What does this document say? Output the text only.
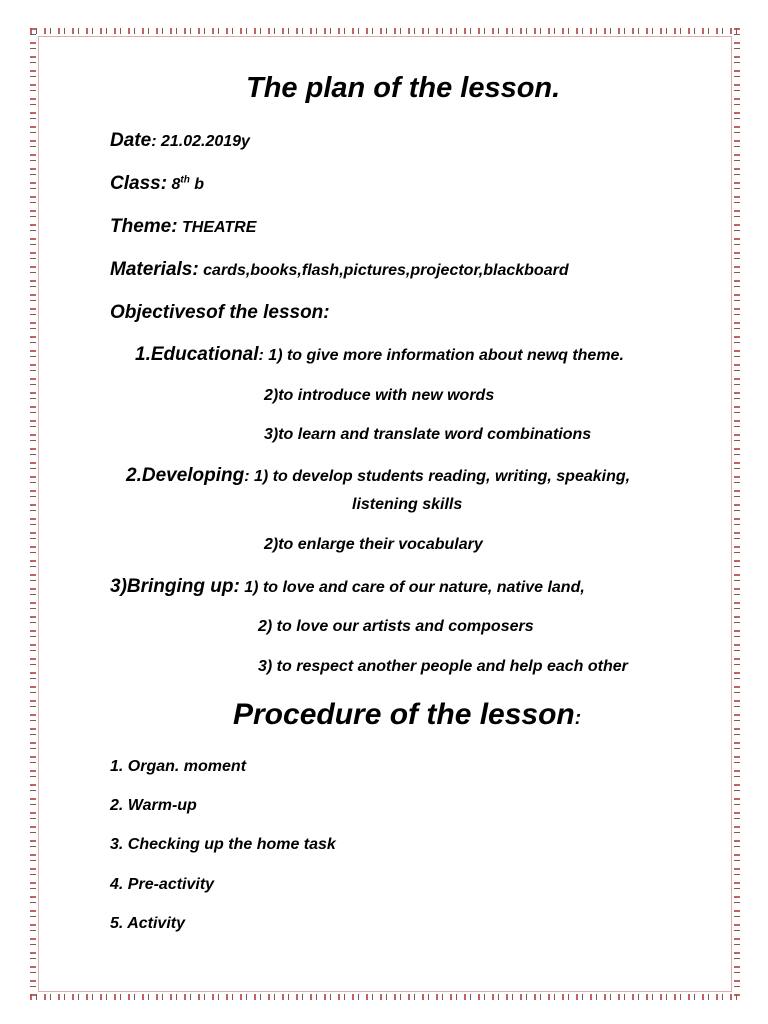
The plan of the lesson.
Date: 21.02.2019y
Class: 8th b
Theme: THEATRE
Materials: cards,books,flash,pictures,projector,blackboard
Objectivesof the lesson:
1.Educational: 1) to give more information about newq theme.
2)to introduce with new words
3)to learn and translate word combinations
2.Developing: 1) to develop students reading, writing, speaking,
listening skills
2)to enlarge their vocabulary
3)Bringing up: 1) to love and care of our nature, native land,
2) to love our artists and composers
3) to respect another people and help each other
Procedure of the lesson:
1. Organ. moment
2. Warm-up
3. Checking up the home task
4. Pre-activity
5. Activity
